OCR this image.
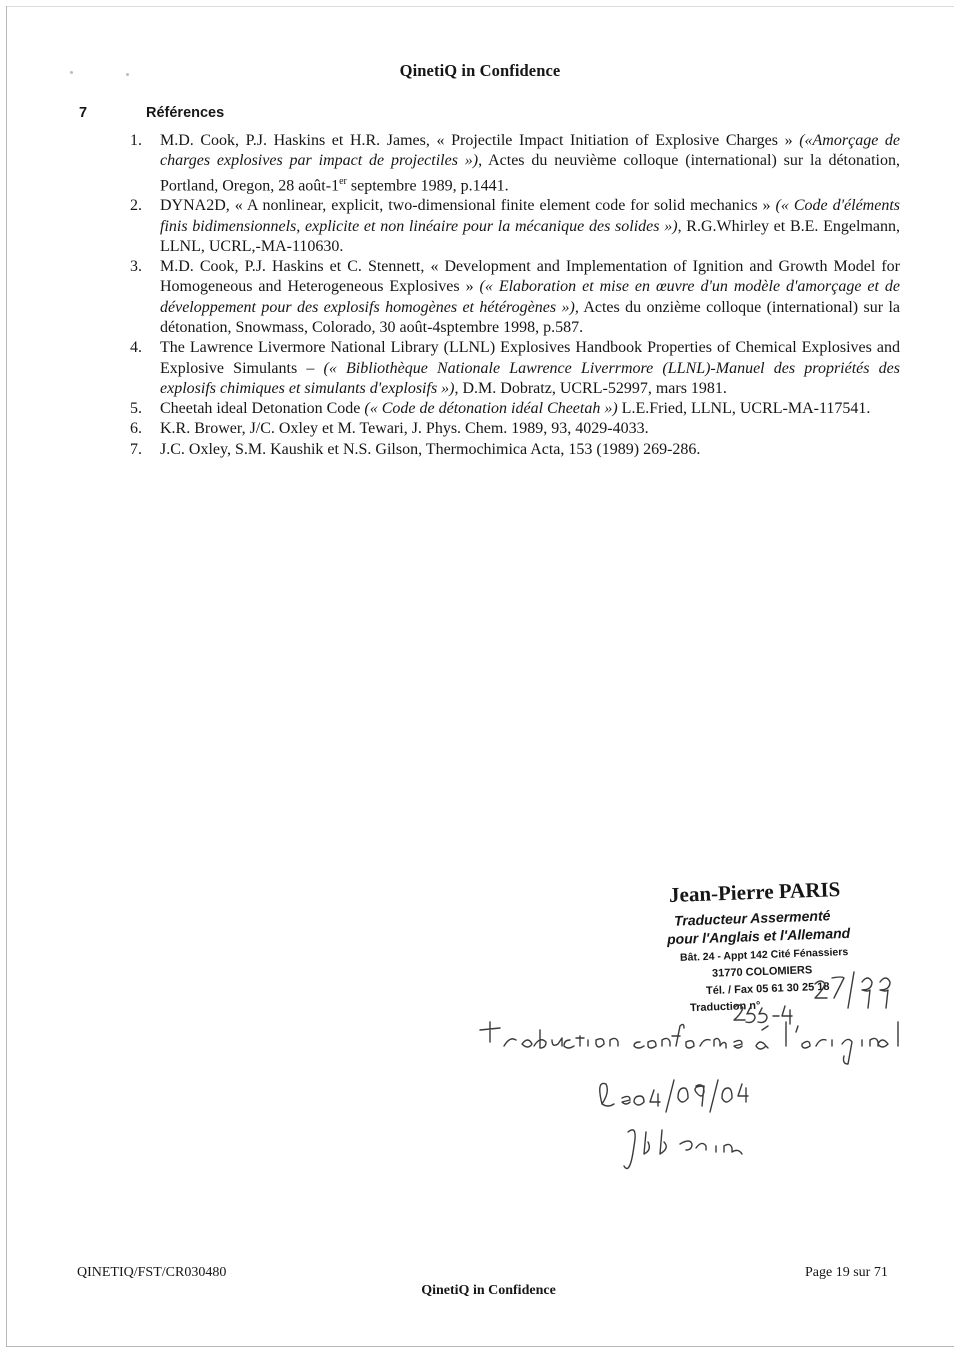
QinetiQ in Confidence
7	Références
1. M.D. Cook, P.J. Haskins et H.R. James, « Projectile Impact Initiation of Explosive Charges » («Amorçage de charges explosives par impact de projectiles »), Actes du neuvième colloque (international) sur la détonation, Portland, Oregon, 28 août-1er septembre 1989, p.1441.
2. DYNA2D, « A nonlinear, explicit, two-dimensional finite element code for solid mechanics » (« Code d'éléments finis bidimensionnels, explicite et non linéaire pour la mécanique des solides »), R.G.Whirley et B.E. Engelmann, LLNL, UCRL,-MA-110630.
3. M.D. Cook, P.J. Haskins et C. Stennett, « Development and Implementation of Ignition and Growth Model for Homogeneous and Heterogeneous Explosives » (« Elaboration et mise en œuvre d'un modèle d'amorçage et de développement pour des explosifs homogènes et hétérogènes »), Actes du onzième colloque (international) sur la détonation, Snowmass, Colorado, 30 août-4sptembre 1998, p.587.
4. The Lawrence Livermore National Library (LLNL) Explosives Handbook Properties of Chemical Explosives and Explosive Simulants – (« Bibliothèque Nationale Lawrence Liverrmore (LLNL)-Manuel des propriétés des explosifs chimiques et simulants d'explosifs »), D.M. Dobratz, UCRL-52997, mars 1981.
5. Cheetah ideal Detonation Code (« Code de détonation idéal Cheetah ») L.E.Fried, LLNL, UCRL-MA-117541.
6. K.R. Brower, J/C. Oxley et M. Tewari, J. Phys. Chem. 1989, 93, 4029-4033.
7. J.C. Oxley, S.M. Kaushik et N.S. Gilson, Thermochimica Acta, 153 (1989) 269-286.
Jean-Pierre PARIS
Traducteur Assermenté
pour l'Anglais et l'Allemand
Bât. 24 - Appt 142 Cité Fénassiers
31770 COLOMIERS
Tél. / Fax 05 61 30 25 18
Traduction n°
QINETIQ/FST/CR030480	Page 19 sur 71
QinetiQ in Confidence
